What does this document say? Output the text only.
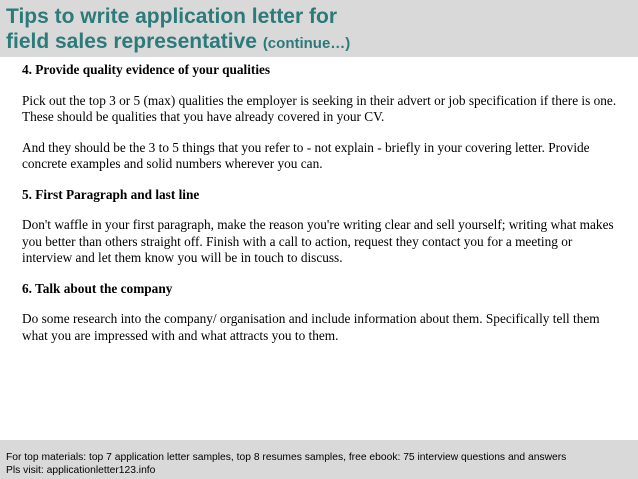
Tips to write application letter for
field sales representative (continue…)

4. Provide quality evidence of your qualities

Pick out the top 3 or 5 (max) qualities the employer is seeking in their advert or job specification if there is one. These should be qualities that you have already covered in your CV.

And they should be the 3 to 5 things that you refer to - not explain - briefly in your covering letter. Provide concrete examples and solid numbers wherever you can.

5. First Paragraph and last line

Don't waffle in your first paragraph, make the reason you're writing clear and sell yourself; writing what makes you better than others straight off. Finish with a call to action, request they contact you for a meeting or interview and let them know you will be in touch to discuss.

6. Talk about the company

Do some research into the company/ organisation and include information about them. Specifically tell them what you are impressed with and what attracts you to them.

For top materials: top 7 application letter samples, top 8 resumes samples, free ebook: 75 interview questions and answers
Pls visit: applicationletter123.info
